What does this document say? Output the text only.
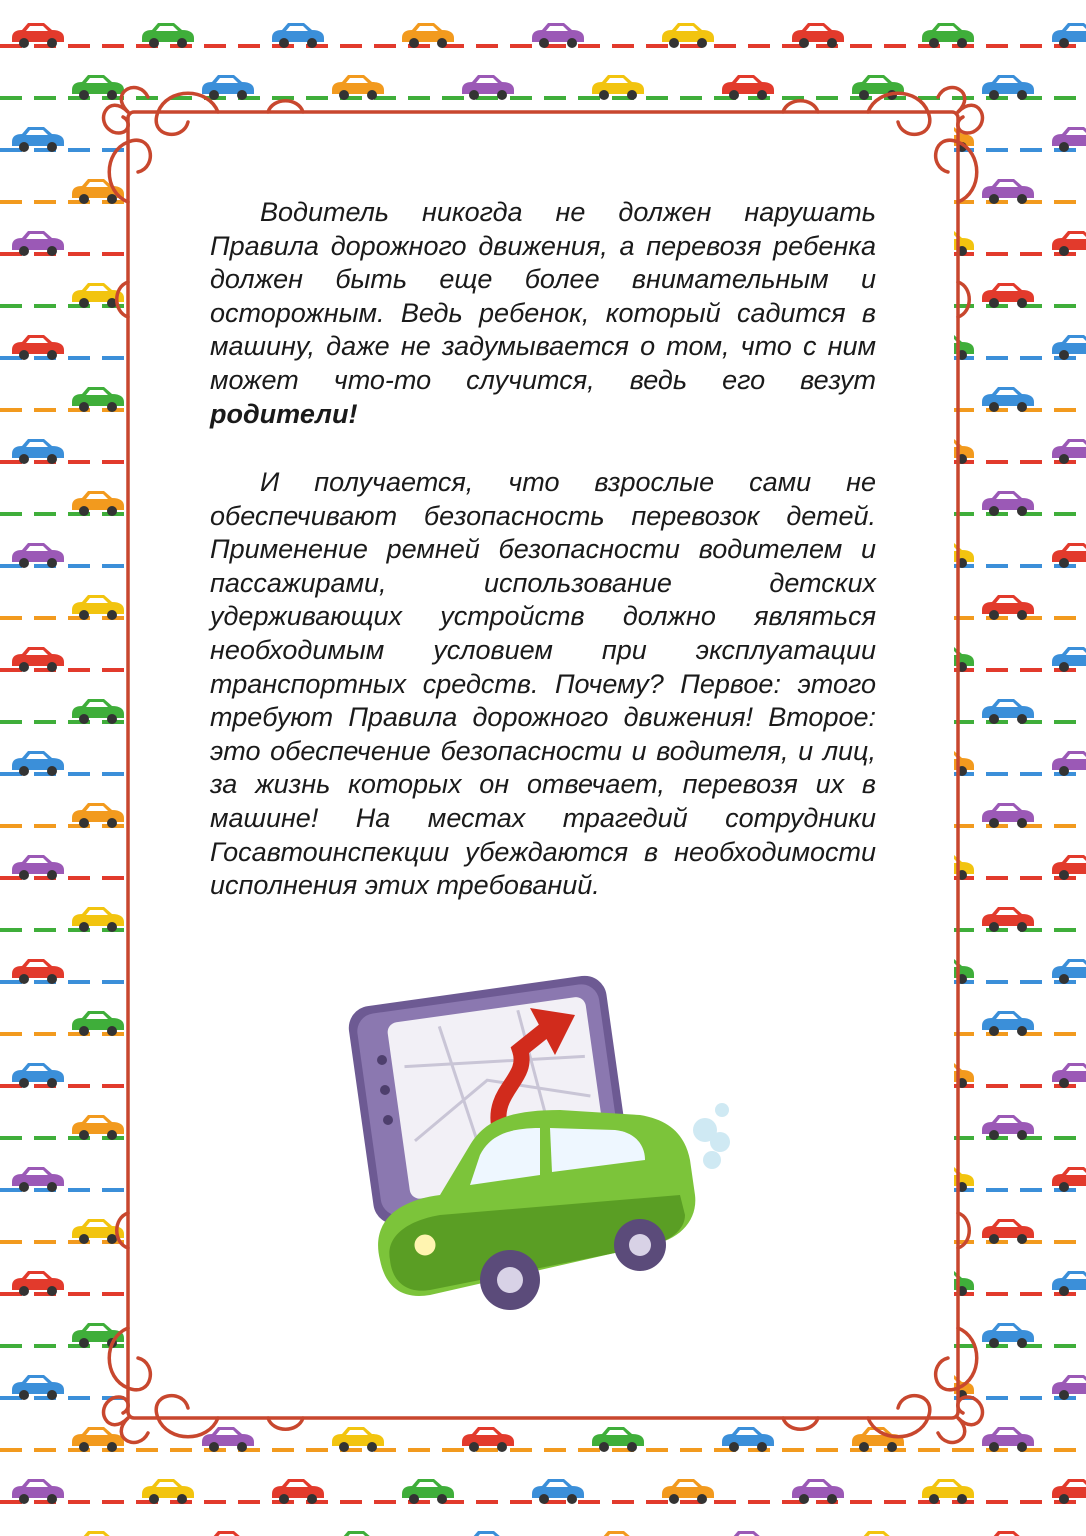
Водитель никогда не должен нарушать Правила дорожного движения, а перевозя ребенка должен быть еще более внимательным и осторожным. Ведь ребенок, который садится в машину, даже не задумывается о том, что с ним может что-то случится, ведь его везут родители!
И получается, что взрослые сами не обеспечивают безопасность перевозок детей. Применение ремней безопасности водителем и пассажирами, использование детских удерживающих устройств должно являться необходимым условием при эксплуатации транспортных средств. Почему? Первое: этого требуют Правила дорожного движения! Второе: это обеспечение безопасности и водителя, и лиц, за жизнь которых он отвечает, перевозя их в машине! На местах трагедий сотрудники Госавтоинспекции убеждаются в необходимости исполнения этих требований.
